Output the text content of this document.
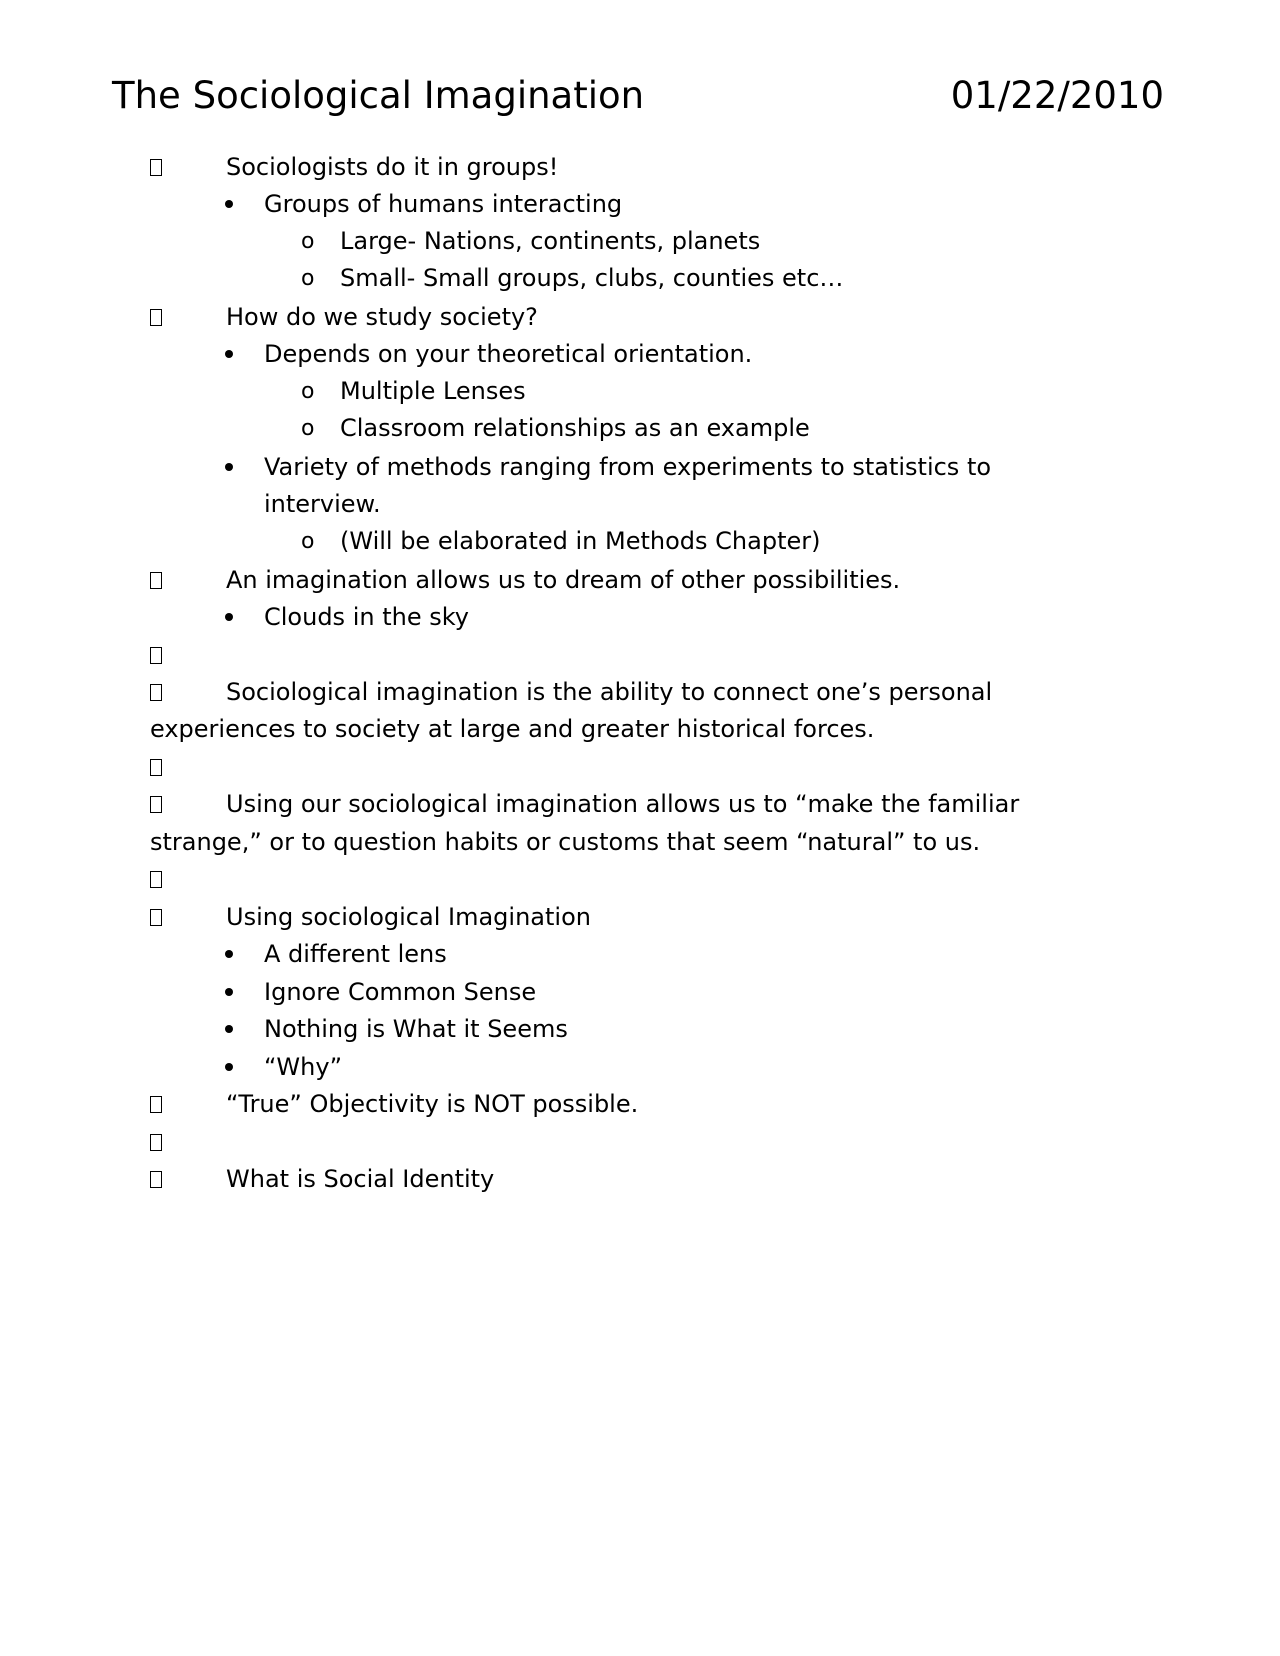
The Sociological Imagination	01/22/2010
Sociologists do it in groups!
Groups of humans interacting
o Large- Nations, continents, planets
o Small- Small groups, clubs, counties etc…
How do we study society?
Depends on your theoretical orientation.
o Multiple Lenses
o Classroom relationships as an example
Variety of methods ranging from experiments to statistics to
interview.
o (Will be elaborated in Methods Chapter)
An imagination allows us to dream of other possibilities.
Clouds in the sky
Sociological imagination is the ability to connect one’s personal
experiences to society at large and greater historical forces.
Using our sociological imagination allows us to “make the familiar
strange,” or to question habits or customs that seem “natural” to us.
Using sociological Imagination
A different lens
Ignore Common Sense
Nothing is What it Seems
“Why”
“True” Objectivity is NOT possible.
What is Social Identity
